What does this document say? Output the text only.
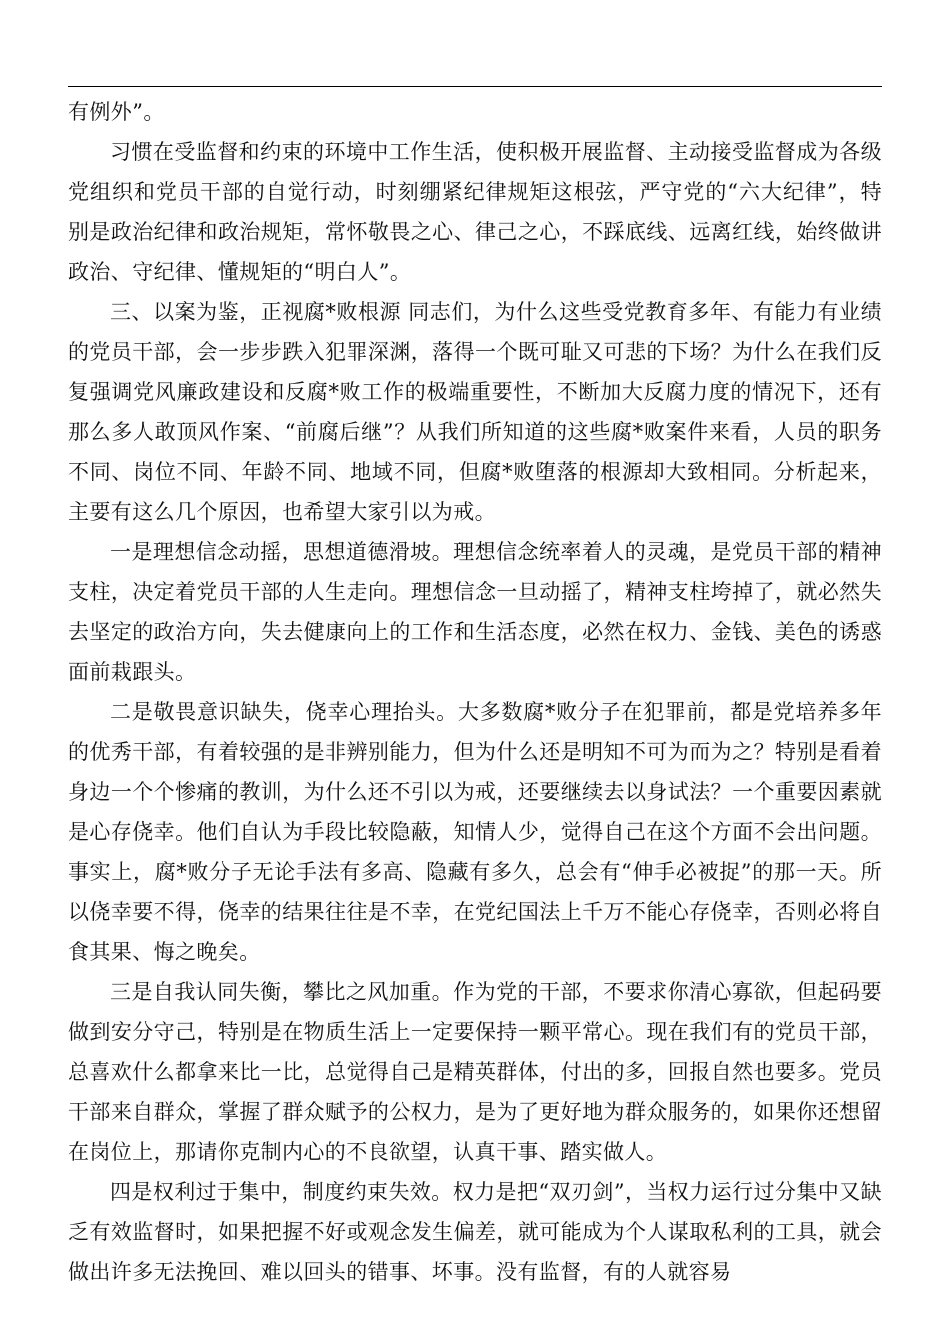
有例外”。

习惯在受监督和约束的环境中工作生活，使积极开展监督、主动接受监督成为各级党组织和党员干部的自觉行动，时刻绷紧纪律规矩这根弦，严守党的“六大纪律”，特别是政治纪律和政治规矩，常怀敬畏之心、律己之心，不踩底线、远离红线，始终做讲政治、守纪律、懂规矩的“明白人”。

三、以案为鉴，正视腐*败根源 同志们，为什么这些受党教育多年、有能力有业绩的党员干部，会一步步跌入犯罪深渊，落得一个既可耻又可悲的下场？为什么在我们反复强调党风廉政建设和反腐*败工作的极端重要性，不断加大反腐力度的情况下，还有那么多人敢顶风作案、“前腐后继”？从我们所知道的这些腐*败案件来看，人员的职务不同、岗位不同、年龄不同、地域不同，但腐*败堕落的根源却大致相同。分析起来，主要有这么几个原因，也希望大家引以为戒。

一是理想信念动摇，思想道德滑坡。理想信念统率着人的灵魂，是党员干部的精神支柱，决定着党员干部的人生走向。理想信念一旦动摇了，精神支柱垮掉了，就必然失去坚定的政治方向，失去健康向上的工作和生活态度，必然在权力、金钱、美色的诱惑面前栽跟头。

二是敬畏意识缺失，侥幸心理抬头。大多数腐*败分子在犯罪前，都是党培养多年的优秀干部，有着较强的是非辨别能力，但为什么还是明知不可为而为之？特别是看着身边一个个惨痛的教训，为什么还不引以为戒，还要继续去以身试法？一个重要因素就是心存侥幸。他们自认为手段比较隐蔽，知情人少，觉得自己在这个方面不会出问题。事实上，腐*败分子无论手法有多高、隐藏有多久，总会有“伸手必被捉”的那一天。所以侥幸要不得，侥幸的结果往往是不幸，在党纪国法上千万不能心存侥幸，否则必将自食其果、悔之晚矣。

三是自我认同失衡，攀比之风加重。作为党的干部，不要求你清心寡欲，但起码要做到安分守己，特别是在物质生活上一定要保持一颗平常心。现在我们有的党员干部，总喜欢什么都拿来比一比，总觉得自己是精英群体，付出的多，回报自然也要多。党员干部来自群众，掌握了群众赋予的公权力，是为了更好地为群众服务的，如果你还想留在岗位上，那请你克制内心的不良欲望，认真干事、踏实做人。

四是权利过于集中，制度约束失效。权力是把“双刃剑”，当权力运行过分集中又缺乏有效监督时，如果把握不好或观念发生偏差，就可能成为个人谋取私利的工具，就会做出许多无法挽回、难以回头的错事、坏事。没有监督，有的人就容易
